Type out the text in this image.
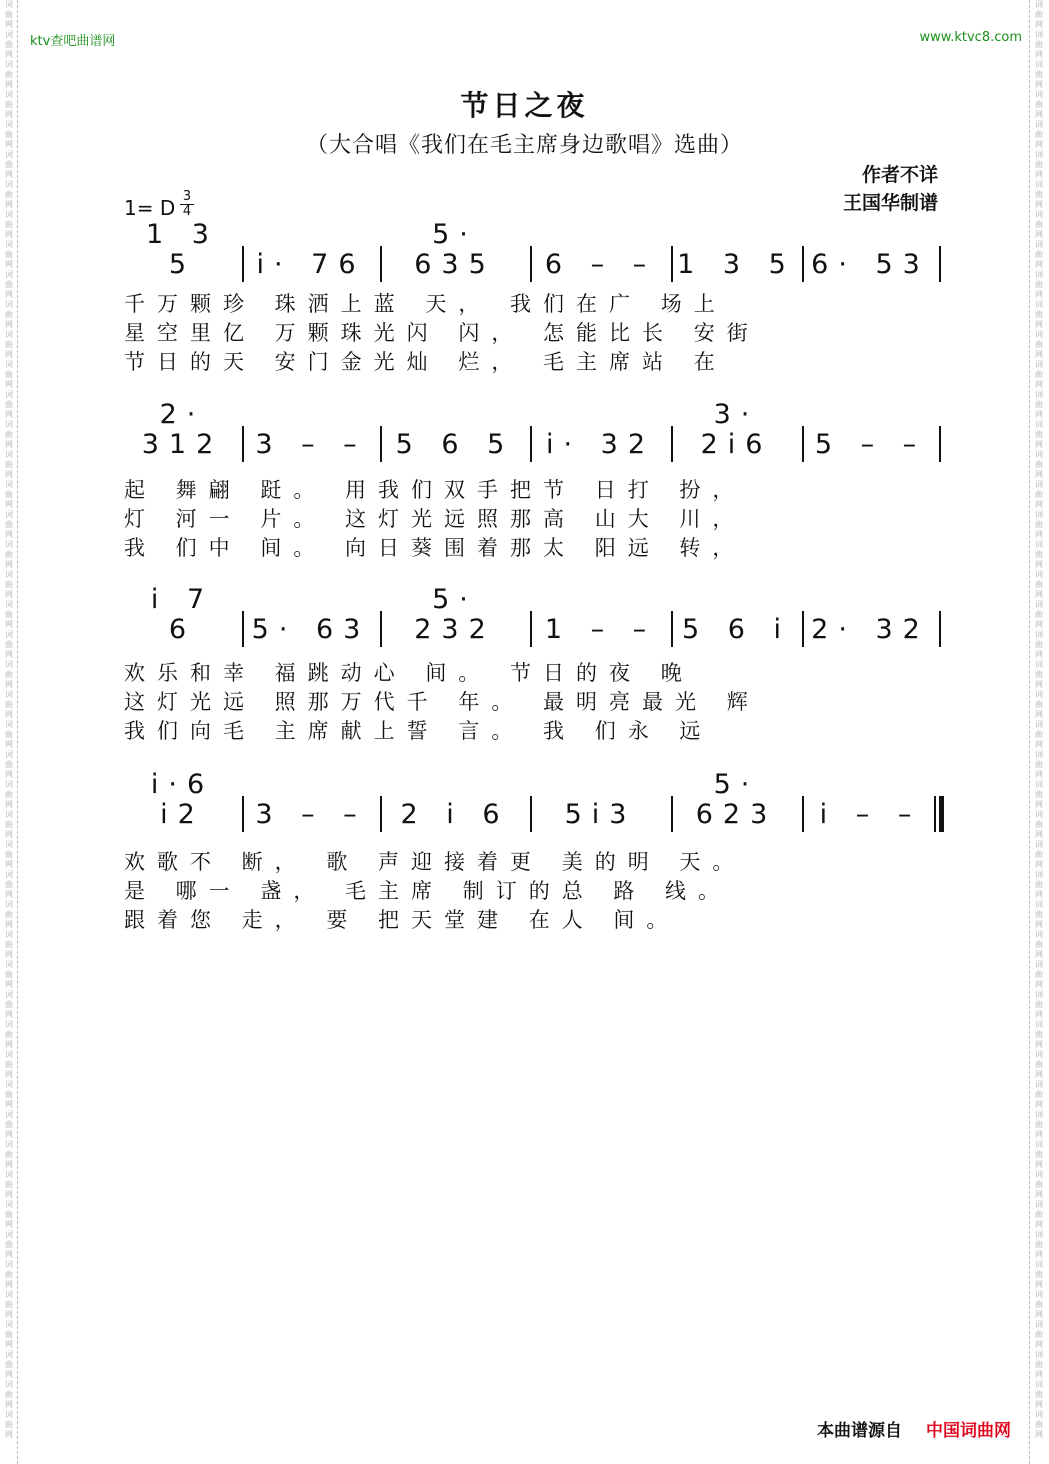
词曲网词曲网词曲网词曲网词曲网词曲网词曲网词曲网词曲网词曲网词曲网词曲网词曲网词曲网词曲网词曲网词曲网词曲网词曲网词曲网词曲网词曲网词曲网词曲网词曲网词曲网词曲网词曲网词曲网词曲网词曲网词曲网词曲网词曲网词曲网词曲网词曲网词曲网词曲网词曲网词曲网词曲网词曲网词曲网词曲网词曲网词曲网词曲网
词曲网词曲网词曲网词曲网词曲网词曲网词曲网词曲网词曲网词曲网词曲网词曲网词曲网词曲网词曲网词曲网词曲网词曲网词曲网词曲网词曲网词曲网词曲网词曲网词曲网词曲网词曲网词曲网词曲网词曲网词曲网词曲网词曲网词曲网词曲网词曲网词曲网词曲网词曲网词曲网词曲网词曲网词曲网词曲网词曲网词曲网词曲网词曲网
ktv查吧曲谱网	www.ktvc8.com
节日之夜
（大合唱《我们在毛主席身边歌唱》选曲）
作者不详
王国华制谱
1= D 3
4
1 3 5	i· 76
5· 635	6 – – 1 3 5 6· 53
千万颗珍 珠洒上蓝 天， 我们在广 场上
星空里亿 万颗珠光闪 闪， 怎能比长 安街
节日的天 安门金光灿 烂， 毛主席站 在
2· 312	3 – – 5 6 5 i· 32
3· 2i6	5 – –
起 舞翩 跹。 用我们双手把节 日打 扮，
灯 河一 片。 这灯光远照那高 山大 川，
我 们中 间。 向日葵围着那太 阳远 转，
i 7 6	5· 63
5· 232	1 – – 5 6 i 2· 32
欢乐和幸 福跳动心 间。 节日的夜 晚
这灯光远 照那万代千 年。 最明亮最光 辉
我们向毛 主席献上誓 言。 我 们永 远
i·6 i2	3 – – 2 i 6 5i3
5· 623	i – –
欢歌不 断， 歌 声迎接着更 美的明 天。
是 哪一 盏， 毛主席 制订的总 路 线。
跟着您 走， 要 把天堂建 在人 间。
本曲谱源自 中国词曲网
